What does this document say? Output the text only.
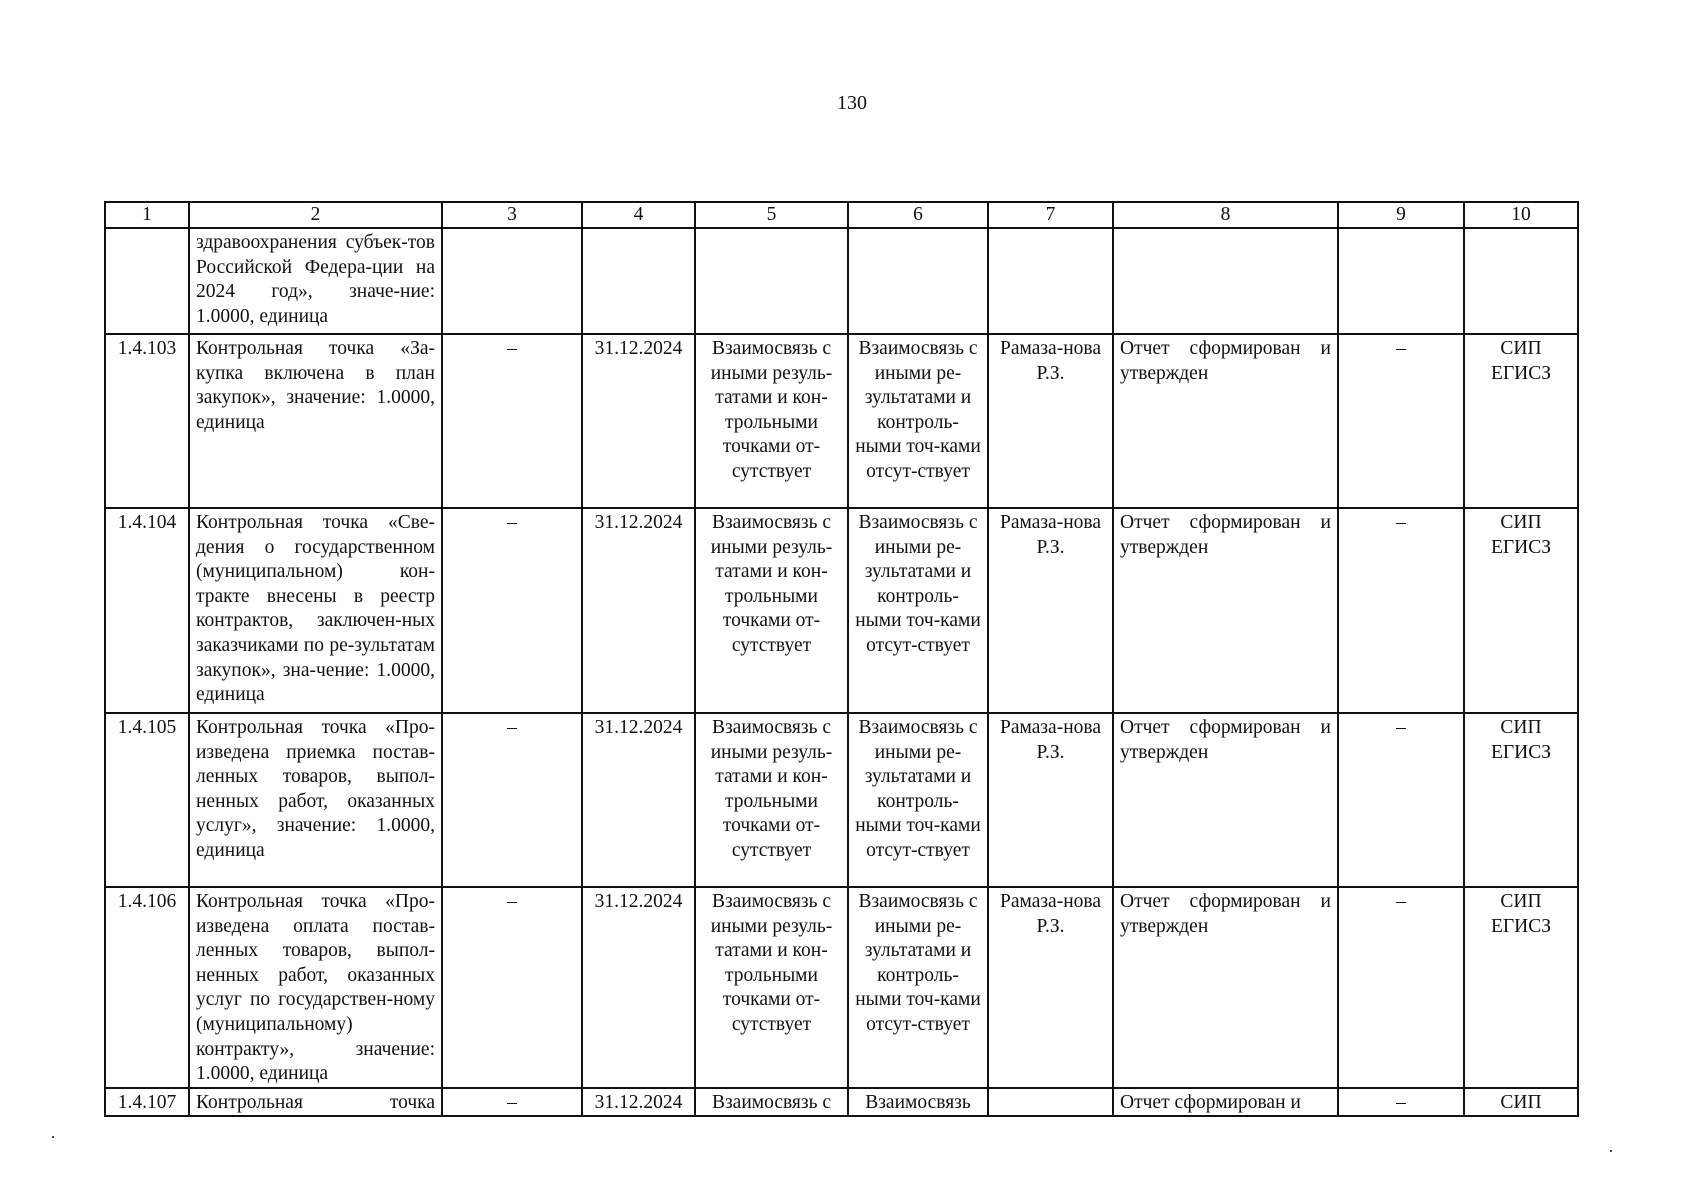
130
1	2	3	4	5	6	7	8	9	10
	здравоохранения субъек-тов Российской Федера-ции на 2024 год», значе-ние: 1.0000, единица								
1.4.103	Контрольная точка «За-купка включена в план закупок», значение: 1.0000, единица	–	31.12.2024	Взаимосвязь с иными резуль-татами и кон-трольными точками от-сутствует	Взаимосвязь с иными ре-зультатами и контроль-ными точ-ками отсут-ствует	Рамаза-нова Р.З.	Отчет сформирован и утвержден	–	СИП ЕГИСЗ
1.4.104	Контрольная точка «Све-дения о государственном (муниципальном) кон-тракте внесены в реестр контрактов, заключен-ных заказчиками по ре-зультатам закупок», зна-чение: 1.0000, единица	–	31.12.2024	Взаимосвязь с иными резуль-татами и кон-трольными точками от-сутствует	Взаимосвязь с иными ре-зультатами и контроль-ными точ-ками отсут-ствует	Рамаза-нова Р.З.	Отчет сформирован и утвержден	–	СИП ЕГИСЗ
1.4.105	Контрольная точка «Про-изведена приемка постав-ленных товаров, выпол-ненных работ, оказанных услуг», значение: 1.0000, единица	–	31.12.2024	Взаимосвязь с иными резуль-татами и кон-трольными точками от-сутствует	Взаимосвязь с иными ре-зультатами и контроль-ными точ-ками отсут-ствует	Рамаза-нова Р.З.	Отчет сформирован и утвержден	–	СИП ЕГИСЗ
1.4.106	Контрольная точка «Про-изведена оплата постав-ленных товаров, выпол-ненных работ, оказанных услуг по государствен-ному (муниципальному) контракту», значение: 1.0000, единица	–	31.12.2024	Взаимосвязь с иными резуль-татами и кон-трольными точками от-сутствует	Взаимосвязь с иными ре-зультатами и контроль-ными точ-ками отсут-ствует	Рамаза-нова Р.З.	Отчет сформирован и утвержден	–	СИП ЕГИСЗ
1.4.107	Контрольная точка	–	31.12.2024	Взаимосвязь с	Взаимосвязь		Отчет сформирован и	–	СИП
